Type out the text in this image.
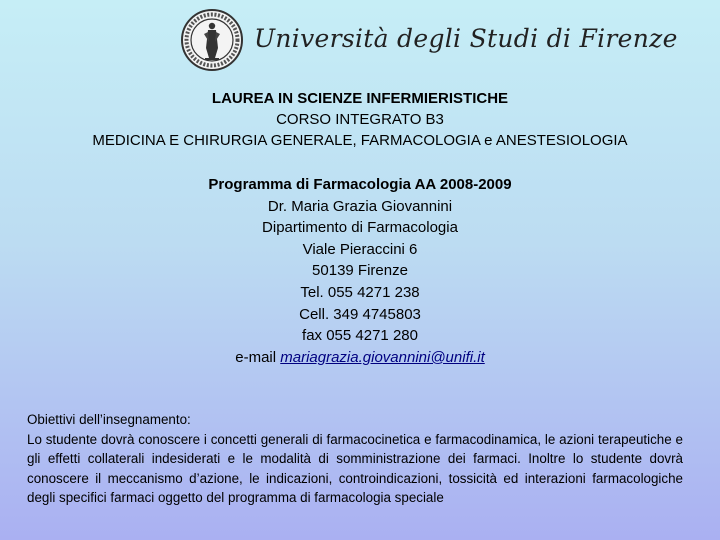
Università degli Studi di Firenze
LAUREA IN SCIENZE INFERMIERISTICHE
CORSO INTEGRATO B3
MEDICINA E CHIRURGIA GENERALE, FARMACOLOGIA e ANESTESIOLOGIA
Programma di Farmacologia AA 2008-2009
Dr. Maria Grazia Giovannini
Dipartimento di Farmacologia
Viale Pieraccini 6
50139 Firenze
Tel. 055 4271 238
Cell. 349 4745803
fax 055 4271 280
e-mail mariagrazia.giovannini@unifi.it
Obiettivi dell’insegnamento:
Lo studente dovrà conoscere i concetti generali di farmacocinetica e farmacodinamica, le azioni terapeutiche e gli effetti collaterali indesiderati e le modalità di somministrazione dei farmaci. Inoltre lo studente dovrà conoscere il meccanismo d’azione, le indicazioni, controindicazioni, tossicità ed interazioni farmacologiche degli specifici farmaci oggetto del programma di farmacologia speciale
